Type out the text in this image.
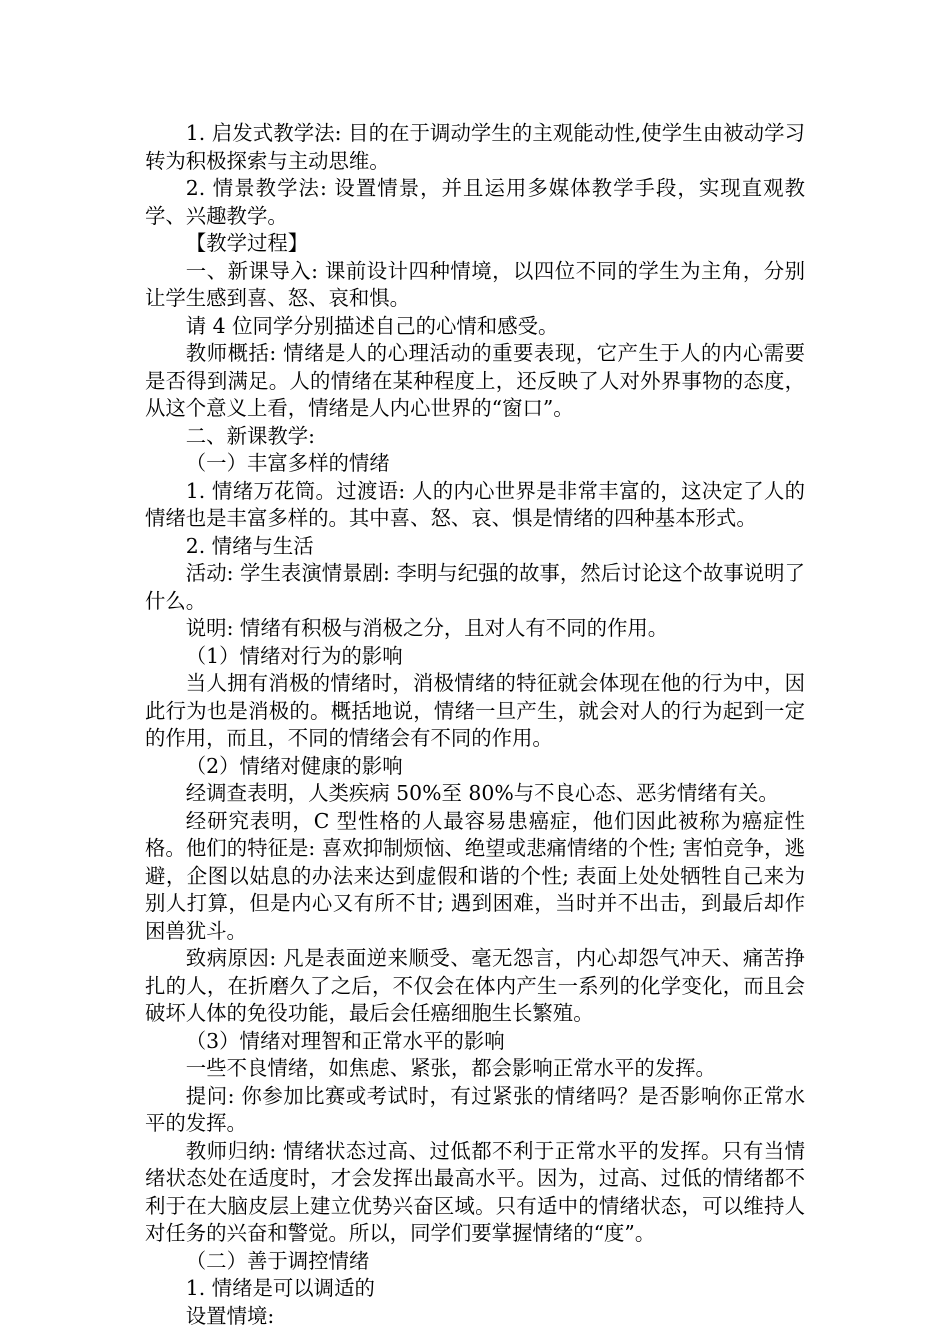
1. 启发式教学法: 目的在于调动学生的主观能动性,使学生由被动学习转为积极探索与主动思维。

2. 情景教学法: 设置情景，并且运用多媒体教学手段，实现直观教学、兴趣教学。

【教学过程】

一、新课导入: 课前设计四种情境，以四位不同的学生为主角，分别让学生感到喜、怒、哀和惧。

请 4 位同学分别描述自己的心情和感受。

教师概括: 情绪是人的心理活动的重要表现，它产生于人的内心需要是否得到满足。人的情绪在某种程度上，还反映了人对外界事物的态度，从这个意义上看，情绪是人内心世界的“窗口”。

二、新课教学:

（一）丰富多样的情绪

1. 情绪万花筒。过渡语: 人的内心世界是非常丰富的，这决定了人的情绪也是丰富多样的。其中喜、怒、哀、惧是情绪的四种基本形式。

2. 情绪与生活

活动: 学生表演情景剧: 李明与纪强的故事，然后讨论这个故事说明了什么。

说明: 情绪有积极与消极之分，且对人有不同的作用。

（1）情绪对行为的影响

当人拥有消极的情绪时，消极情绪的特征就会体现在他的行为中，因此行为也是消极的。概括地说，情绪一旦产生，就会对人的行为起到一定的作用，而且，不同的情绪会有不同的作用。

（2）情绪对健康的影响

经调查表明，人类疾病 50%至 80%与不良心态、恶劣情绪有关。

经研究表明，C 型性格的人最容易患癌症，他们因此被称为癌症性格。他们的特征是: 喜欢抑制烦恼、绝望或悲痛情绪的个性; 害怕竞争，逃避，企图以姑息的办法来达到虚假和谐的个性; 表面上处处牺牲自己来为别人打算，但是内心又有所不甘; 遇到困难，当时并不出击，到最后却作困兽犹斗。

致病原因: 凡是表面逆来顺受、毫无怨言，内心却怨气冲天、痛苦挣扎的人，在折磨久了之后，不仅会在体内产生一系列的化学变化，而且会破坏人体的免役功能，最后会任癌细胞生长繁殖。

（3）情绪对理智和正常水平的影响

一些不良情绪，如焦虑、紧张，都会影响正常水平的发挥。

提问: 你参加比赛或考试时，有过紧张的情绪吗？是否影响你正常水平的发挥。

教师归纳: 情绪状态过高、过低都不利于正常水平的发挥。只有当情绪状态处在适度时，才会发挥出最高水平。因为，过高、过低的情绪都不利于在大脑皮层上建立优势兴奋区域。只有适中的情绪状态，可以维持人对任务的兴奋和警觉。所以，同学们要掌握情绪的“度”。

（二）善于调控情绪

1. 情绪是可以调适的

设置情境:
